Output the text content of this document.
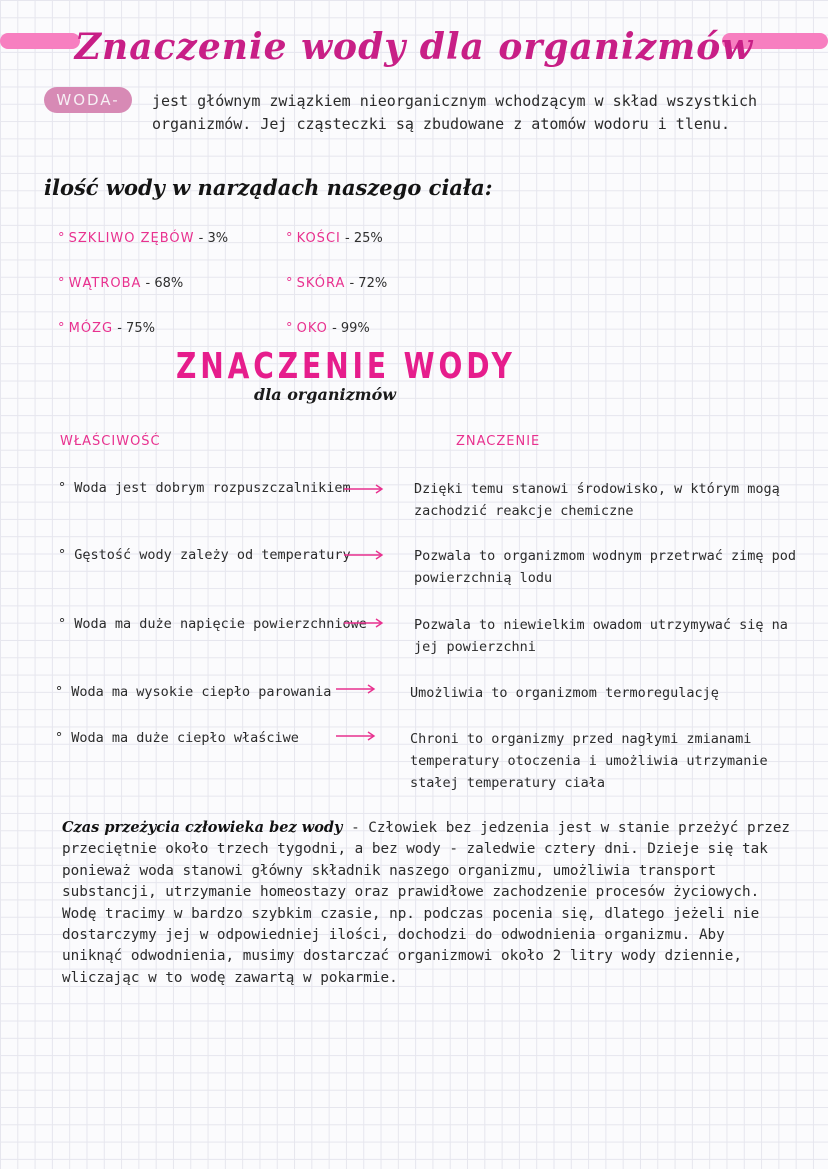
Znaczenie wody dla organizmów
WODA-	jest głównym związkiem nieorganicznym wchodzącym w skład wszystkich organizmów. Jej cząsteczki są zbudowane z atomów wodoru i tlenu.
ilość wody w narządach naszego ciała:
° SZKLIWO ZĘBÓW - 3%	° KOŚCI - 25%
° WĄTROBA - 68%	° SKÓRA - 72%
° MÓZG - 75%	° OKO - 99%
ZNACZENIE WODY
dla organizmów
WŁAŚCIWOŚĆ	ZNACZENIE
° Woda jest dobrym rozpuszczalnikiem	Dzięki temu stanowi środowisko, w którym mogą zachodzić reakcje chemiczne
° Gęstość wody zależy od temperatury	Pozwala to organizmom wodnym przetrwać zimę pod powierzchnią lodu
° Woda ma duże napięcie powierzchniowe	Pozwala to niewielkim owadom utrzymywać się na jej powierzchni
° Woda ma wysokie ciepło parowania	Umożliwia to organizmom termoregulację
° Woda ma duże ciepło właściwe	Chroni to organizmy przed nagłymi zmianami temperatury otoczenia i umożliwia utrzymanie stałej temperatury ciała
Czas przeżycia człowieka bez wody - Człowiek bez jedzenia jest w stanie przeżyć przez przeciętnie około trzech tygodni, a bez wody - zaledwie cztery dni. Dzieje się tak ponieważ woda stanowi główny składnik naszego organizmu, umożliwia transport substancji, utrzymanie homeostazy oraz prawidłowe zachodzenie procesów życiowych. Wodę tracimy w bardzo szybkim czasie, np. podczas pocenia się, dlatego jeżeli nie dostarczymy jej w odpowiedniej ilości, dochodzi do odwodnienia organizmu. Aby uniknąć odwodnienia, musimy dostarczać organizmowi około 2 litry wody dziennie, wliczając w to wodę zawartą w pokarmie.
